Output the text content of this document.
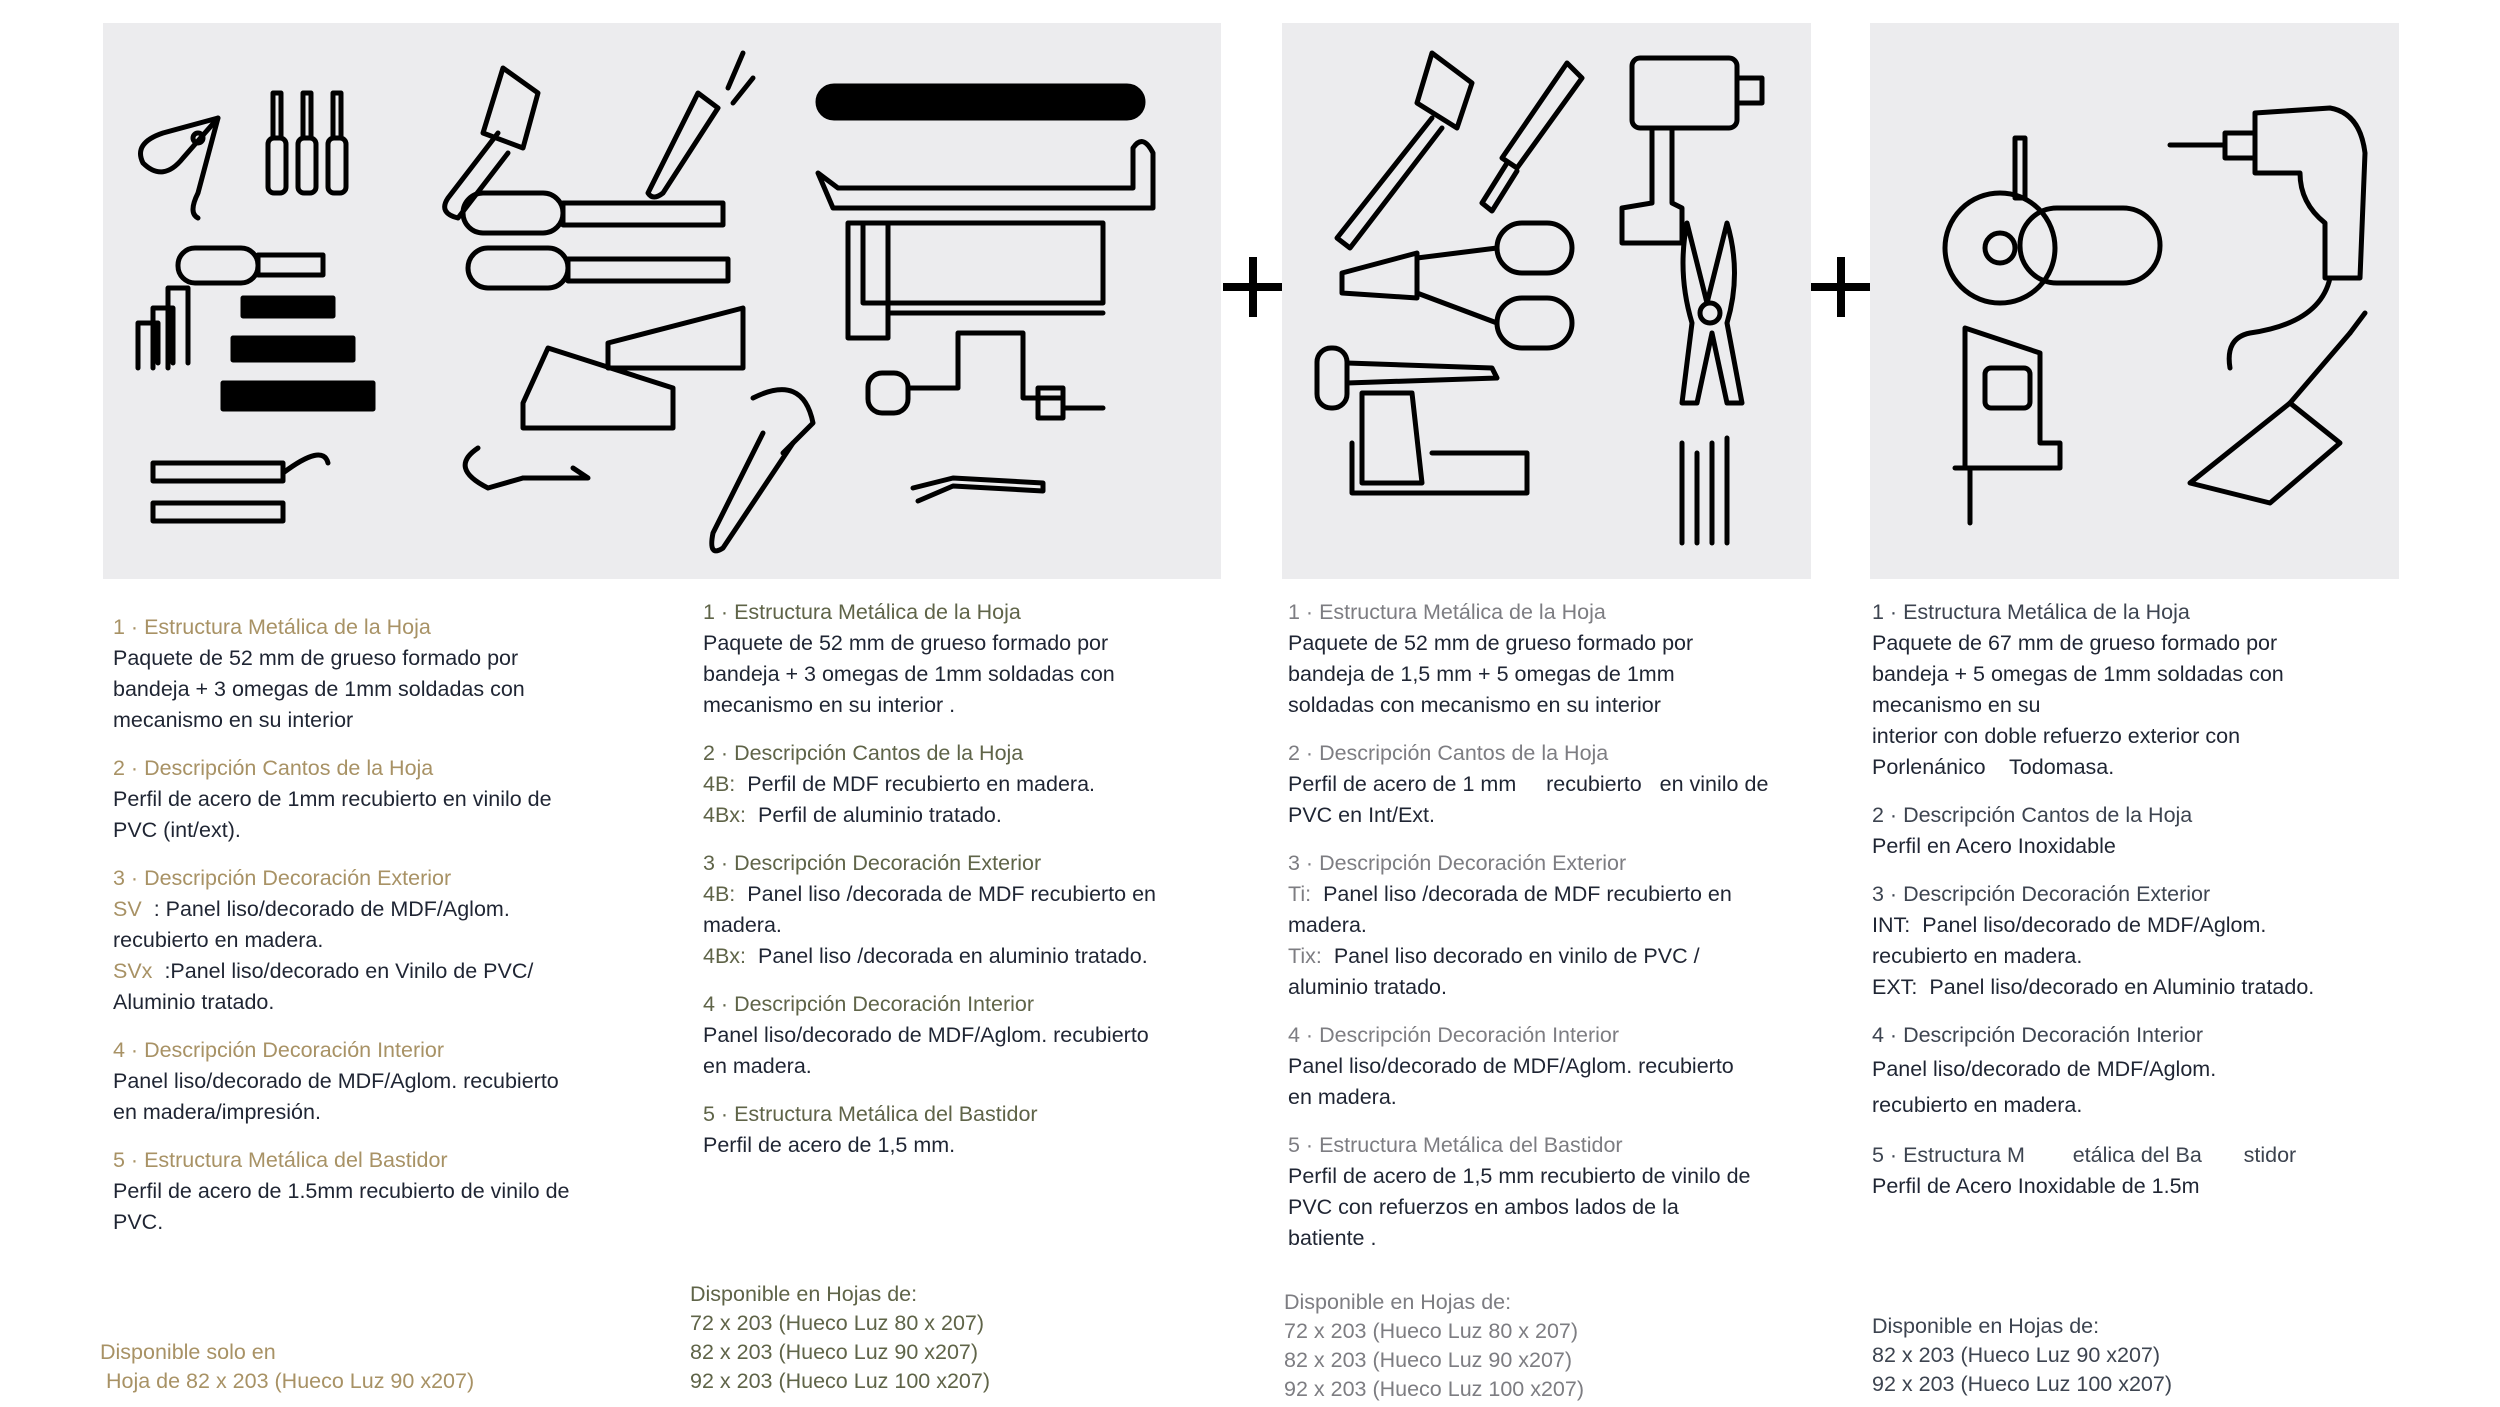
1 · Estructura Metálica de la Hoja
Paquete de 52 mm de grueso formado por
bandeja + 3 omegas de 1mm soldadas con
mecanismo en su interior
2 · Descripción Cantos de la Hoja
Perfil de acero de 1mm recubierto en vinilo de
PVC (int/ext).
3 · Descripción Decoración Exterior
SV : Panel liso/decorado de MDF/Aglom.
recubierto en madera.
SVx :Panel liso/decorado en Vinilo de PVC/
Aluminio tratado.
4 · Descripción Decoración Interior
Panel liso/decorado de MDF/Aglom. recubierto
en madera/impresión.
5 · Estructura Metálica del Bastidor
Perfil de acero de 1.5mm recubierto de vinilo de
PVC.
Disponible solo en
Hoja de 82 x 203 (Hueco Luz 90 x207)
1 · Estructura Metálica de la Hoja
Paquete de 52 mm de grueso formado por
bandeja + 3 omegas de 1mm soldadas con
mecanismo en su interior .
2 · Descripción Cantos de la Hoja
4B: Perfil de MDF recubierto en madera.
4Bx: Perfil de aluminio tratado.
3 · Descripción Decoración Exterior
4B: Panel liso /decorada de MDF recubierto en
madera.
4Bx: Panel liso /decorada en aluminio tratado.
4 · Descripción Decoración Interior
Panel liso/decorado de MDF/Aglom. recubierto
en madera.
5 · Estructura Metálica del Bastidor
Perfil de acero de 1,5 mm.
Disponible en Hojas de:
72 x 203 (Hueco Luz 80 x 207)
82 x 203 (Hueco Luz 90 x207)
92 x 203 (Hueco Luz 100 x207)
1 · Estructura Metálica de la Hoja
Paquete de 52 mm de grueso formado por
bandeja de 1,5 mm + 5 omegas de 1mm
soldadas con mecanismo en su interior
2 · Descripción Cantos de la Hoja
Perfil de acero de 1 mm     recubierto   en vinilo de
PVC en Int/Ext.
3 · Descripción Decoración Exterior
Ti: Panel liso /decorada de MDF recubierto en
madera.
Tix: Panel liso decorado en vinilo de PVC /
aluminio tratado.
4 · Descripción Decoración Interior
Panel liso/decorado de MDF/Aglom. recubierto
en madera.
5 · Estructura Metálica del Bastidor
Perfil de acero de 1,5 mm recubierto de vinilo de
PVC con refuerzos en ambos lados de la
batiente .
Disponible en Hojas de:
72 x 203 (Hueco Luz 80 x 207)
82 x 203 (Hueco Luz 90 x207)
92 x 203 (Hueco Luz 100 x207)
1 · Estructura Metálica de la Hoja
Paquete de 67 mm de grueso formado por
bandeja + 5 omegas de 1mm soldadas con
mecanismo en su
interior con doble refuerzo exterior con
Porlenánico    Todomasa.
2 · Descripción Cantos de la Hoja
Perfil en Acero Inoxidable
3 · Descripción Decoración Exterior
INT: Panel liso/decorado de MDF/Aglom.
recubierto en madera.
EXT: Panel liso/decorado en Aluminio tratado.
4 · Descripción Decoración Interior
Panel liso/decorado de MDF/Aglom.
recubierto en madera.
5 · Estructura M        etálica del Ba       stidor
Perfil de Acero Inoxidable de 1.5m
Disponible en Hojas de:
82 x 203 (Hueco Luz 90 x207)
92 x 203 (Hueco Luz 100 x207)
